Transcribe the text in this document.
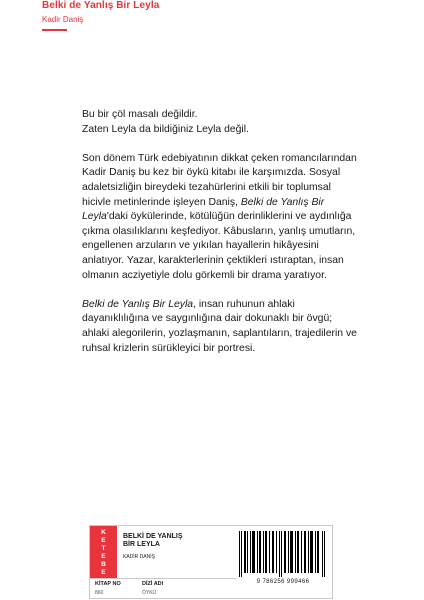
Belki de Yanlış Bir Leyla
Kadir Daniş

Bu bir çöl masalı değildir.
Zaten Leyla da bildiğiniz Leyla değil.

Son dönem Türk edebiyatının dikkat çeken romancılarından
Kadir Daniş bu kez bir öykü kitabı ile karşımızda. Sosyal
adaletsizliğin bireydeki tezahürlerini etkili bir toplumsal
hicivle metinlerinde işleyen Daniş, Belki de Yanlış Bir
Leyla'daki öykülerinde, kötülüğün derinliklerini ve aydınlığa
çıkma olasılıklarını keşfediyor. Kâbusların, yanlış umutların,
engellenen arzuların ve yıkılan hayallerin hikâyesini
anlatıyor. Yazar, karakterlerinin çektikleri ıstıraptan, insan
olmanın acziyetiyle dolu görkemli bir drama yaratıyor.

Belki de Yanlış Bir Leyla, insan ruhunun ahlaki
dayanıklılığına ve saygınlığına dair dokunaklı bir övgü;
ahlaki alegorilerin, yozlaşmanın, saplantıların, trajedilerin ve
ruhsal krizlerin sürükleyici bir portresi.

K
E
T
E
B
E
BELKİ DE YANLIŞ
BİR LEYLA
KADİR DANİŞ
KİTAP NO	DİZİ ADI
860	ÖYKÜ
9 786256 999466
